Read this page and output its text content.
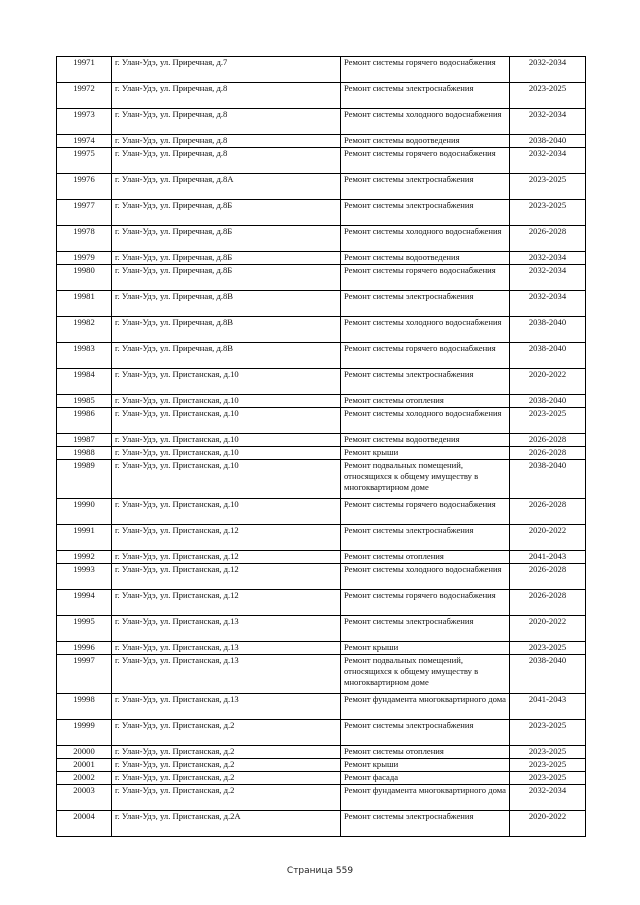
19971	г. Улан-Удэ, ул. Приречная, д.7	Ремонт системы горячего водоснабжения	2032-2034
19972	г. Улан-Удэ, ул. Приречная, д.8	Ремонт системы электроснабжения	2023-2025
19973	г. Улан-Удэ, ул. Приречная, д.8	Ремонт системы холодного водоснабжения	2032-2034
19974	г. Улан-Удэ, ул. Приречная, д.8	Ремонт системы водоотведения	2038-2040
19975	г. Улан-Удэ, ул. Приречная, д.8	Ремонт системы горячего водоснабжения	2032-2034
19976	г. Улан-Удэ, ул. Приречная, д.8А	Ремонт системы электроснабжения	2023-2025
19977	г. Улан-Удэ, ул. Приречная, д.8Б	Ремонт системы электроснабжения	2023-2025
19978	г. Улан-Удэ, ул. Приречная, д.8Б	Ремонт системы холодного водоснабжения	2026-2028
19979	г. Улан-Удэ, ул. Приречная, д.8Б	Ремонт системы водоотведения	2032-2034
19980	г. Улан-Удэ, ул. Приречная, д.8Б	Ремонт системы горячего водоснабжения	2032-2034
19981	г. Улан-Удэ, ул. Приречная, д.8В	Ремонт системы электроснабжения	2032-2034
19982	г. Улан-Удэ, ул. Приречная, д.8В	Ремонт системы холодного водоснабжения	2038-2040
19983	г. Улан-Удэ, ул. Приречная, д.8В	Ремонт системы горячего водоснабжения	2038-2040
19984	г. Улан-Удэ, ул. Пристанская, д.10	Ремонт системы электроснабжения	2020-2022
19985	г. Улан-Удэ, ул. Пристанская, д.10	Ремонт системы отопления	2038-2040
19986	г. Улан-Удэ, ул. Пристанская, д.10	Ремонт системы холодного водоснабжения	2023-2025
19987	г. Улан-Удэ, ул. Пристанская, д.10	Ремонт системы водоотведения	2026-2028
19988	г. Улан-Удэ, ул. Пристанская, д.10	Ремонт крыши	2026-2028
19989	г. Улан-Удэ, ул. Пристанская, д.10	Ремонт подвальных помещений, относящихся к общему имуществу в многоквартирном доме	2038-2040
19990	г. Улан-Удэ, ул. Пристанская, д.10	Ремонт системы горячего водоснабжения	2026-2028
19991	г. Улан-Удэ, ул. Пристанская, д.12	Ремонт системы электроснабжения	2020-2022
19992	г. Улан-Удэ, ул. Пристанская, д.12	Ремонт системы отопления	2041-2043
19993	г. Улан-Удэ, ул. Пристанская, д.12	Ремонт системы холодного водоснабжения	2026-2028
19994	г. Улан-Удэ, ул. Пристанская, д.12	Ремонт системы горячего водоснабжения	2026-2028
19995	г. Улан-Удэ, ул. Пристанская, д.13	Ремонт системы электроснабжения	2020-2022
19996	г. Улан-Удэ, ул. Пристанская, д.13	Ремонт крыши	2023-2025
19997	г. Улан-Удэ, ул. Пристанская, д.13	Ремонт подвальных помещений, относящихся к общему имуществу в многоквартирном доме	2038-2040
19998	г. Улан-Удэ, ул. Пристанская, д.13	Ремонт фундамента многоквартирного дома	2041-2043
19999	г. Улан-Удэ, ул. Пристанская, д.2	Ремонт системы электроснабжения	2023-2025
20000	г. Улан-Удэ, ул. Пристанская, д.2	Ремонт системы отопления	2023-2025
20001	г. Улан-Удэ, ул. Пристанская, д.2	Ремонт крыши	2023-2025
20002	г. Улан-Удэ, ул. Пристанская, д.2	Ремонт фасада	2023-2025
20003	г. Улан-Удэ, ул. Пристанская, д.2	Ремонт фундамента многоквартирного дома	2032-2034
20004	г. Улан-Удэ, ул. Пристанская, д.2А	Ремонт системы электроснабжения	2020-2022
Страница 559
